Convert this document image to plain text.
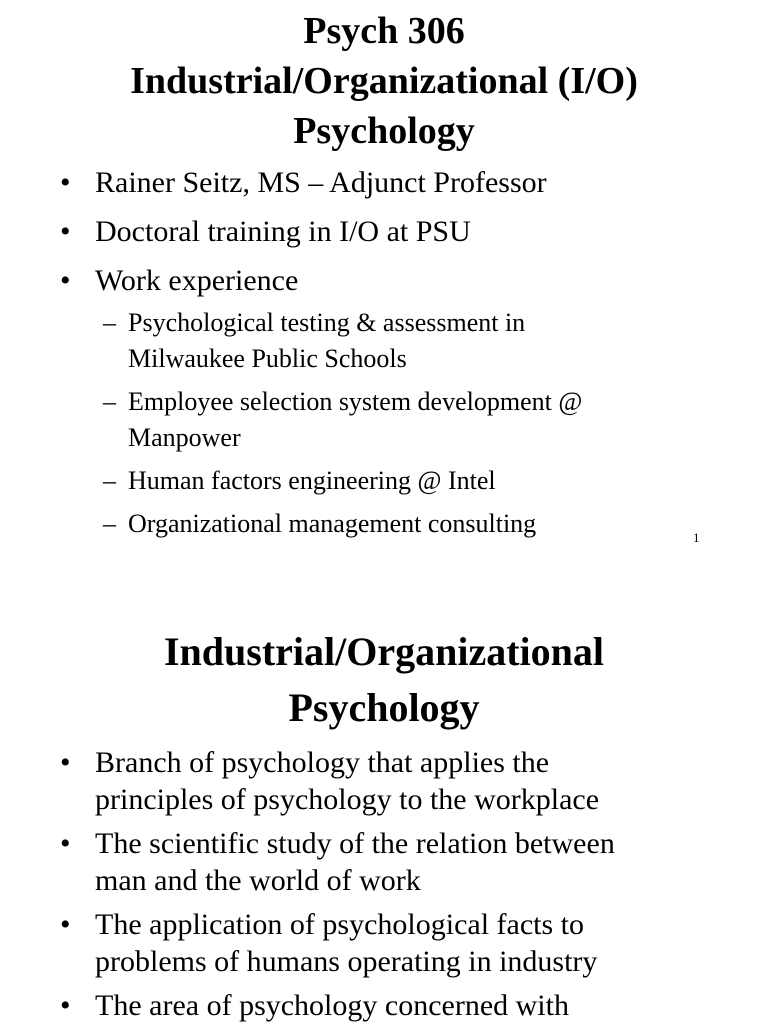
Psych 306
Industrial/Organizational (I/O)
Psychology
• Rainer Seitz, MS – Adjunct Professor
• Doctoral training in I/O at PSU
• Work experience
– Psychological testing & assessment in
Milwaukee Public Schools
– Employee selection system development @
Manpower
– Human factors engineering @ Intel
– Organizational management consulting	1
Industrial/Organizational
Psychology
• Branch of psychology that applies the
principles of psychology to the workplace
• The scientific study of the relation between
man and the world of work
• The application of psychological facts to
problems of humans operating in industry
• The area of psychology concerned with
